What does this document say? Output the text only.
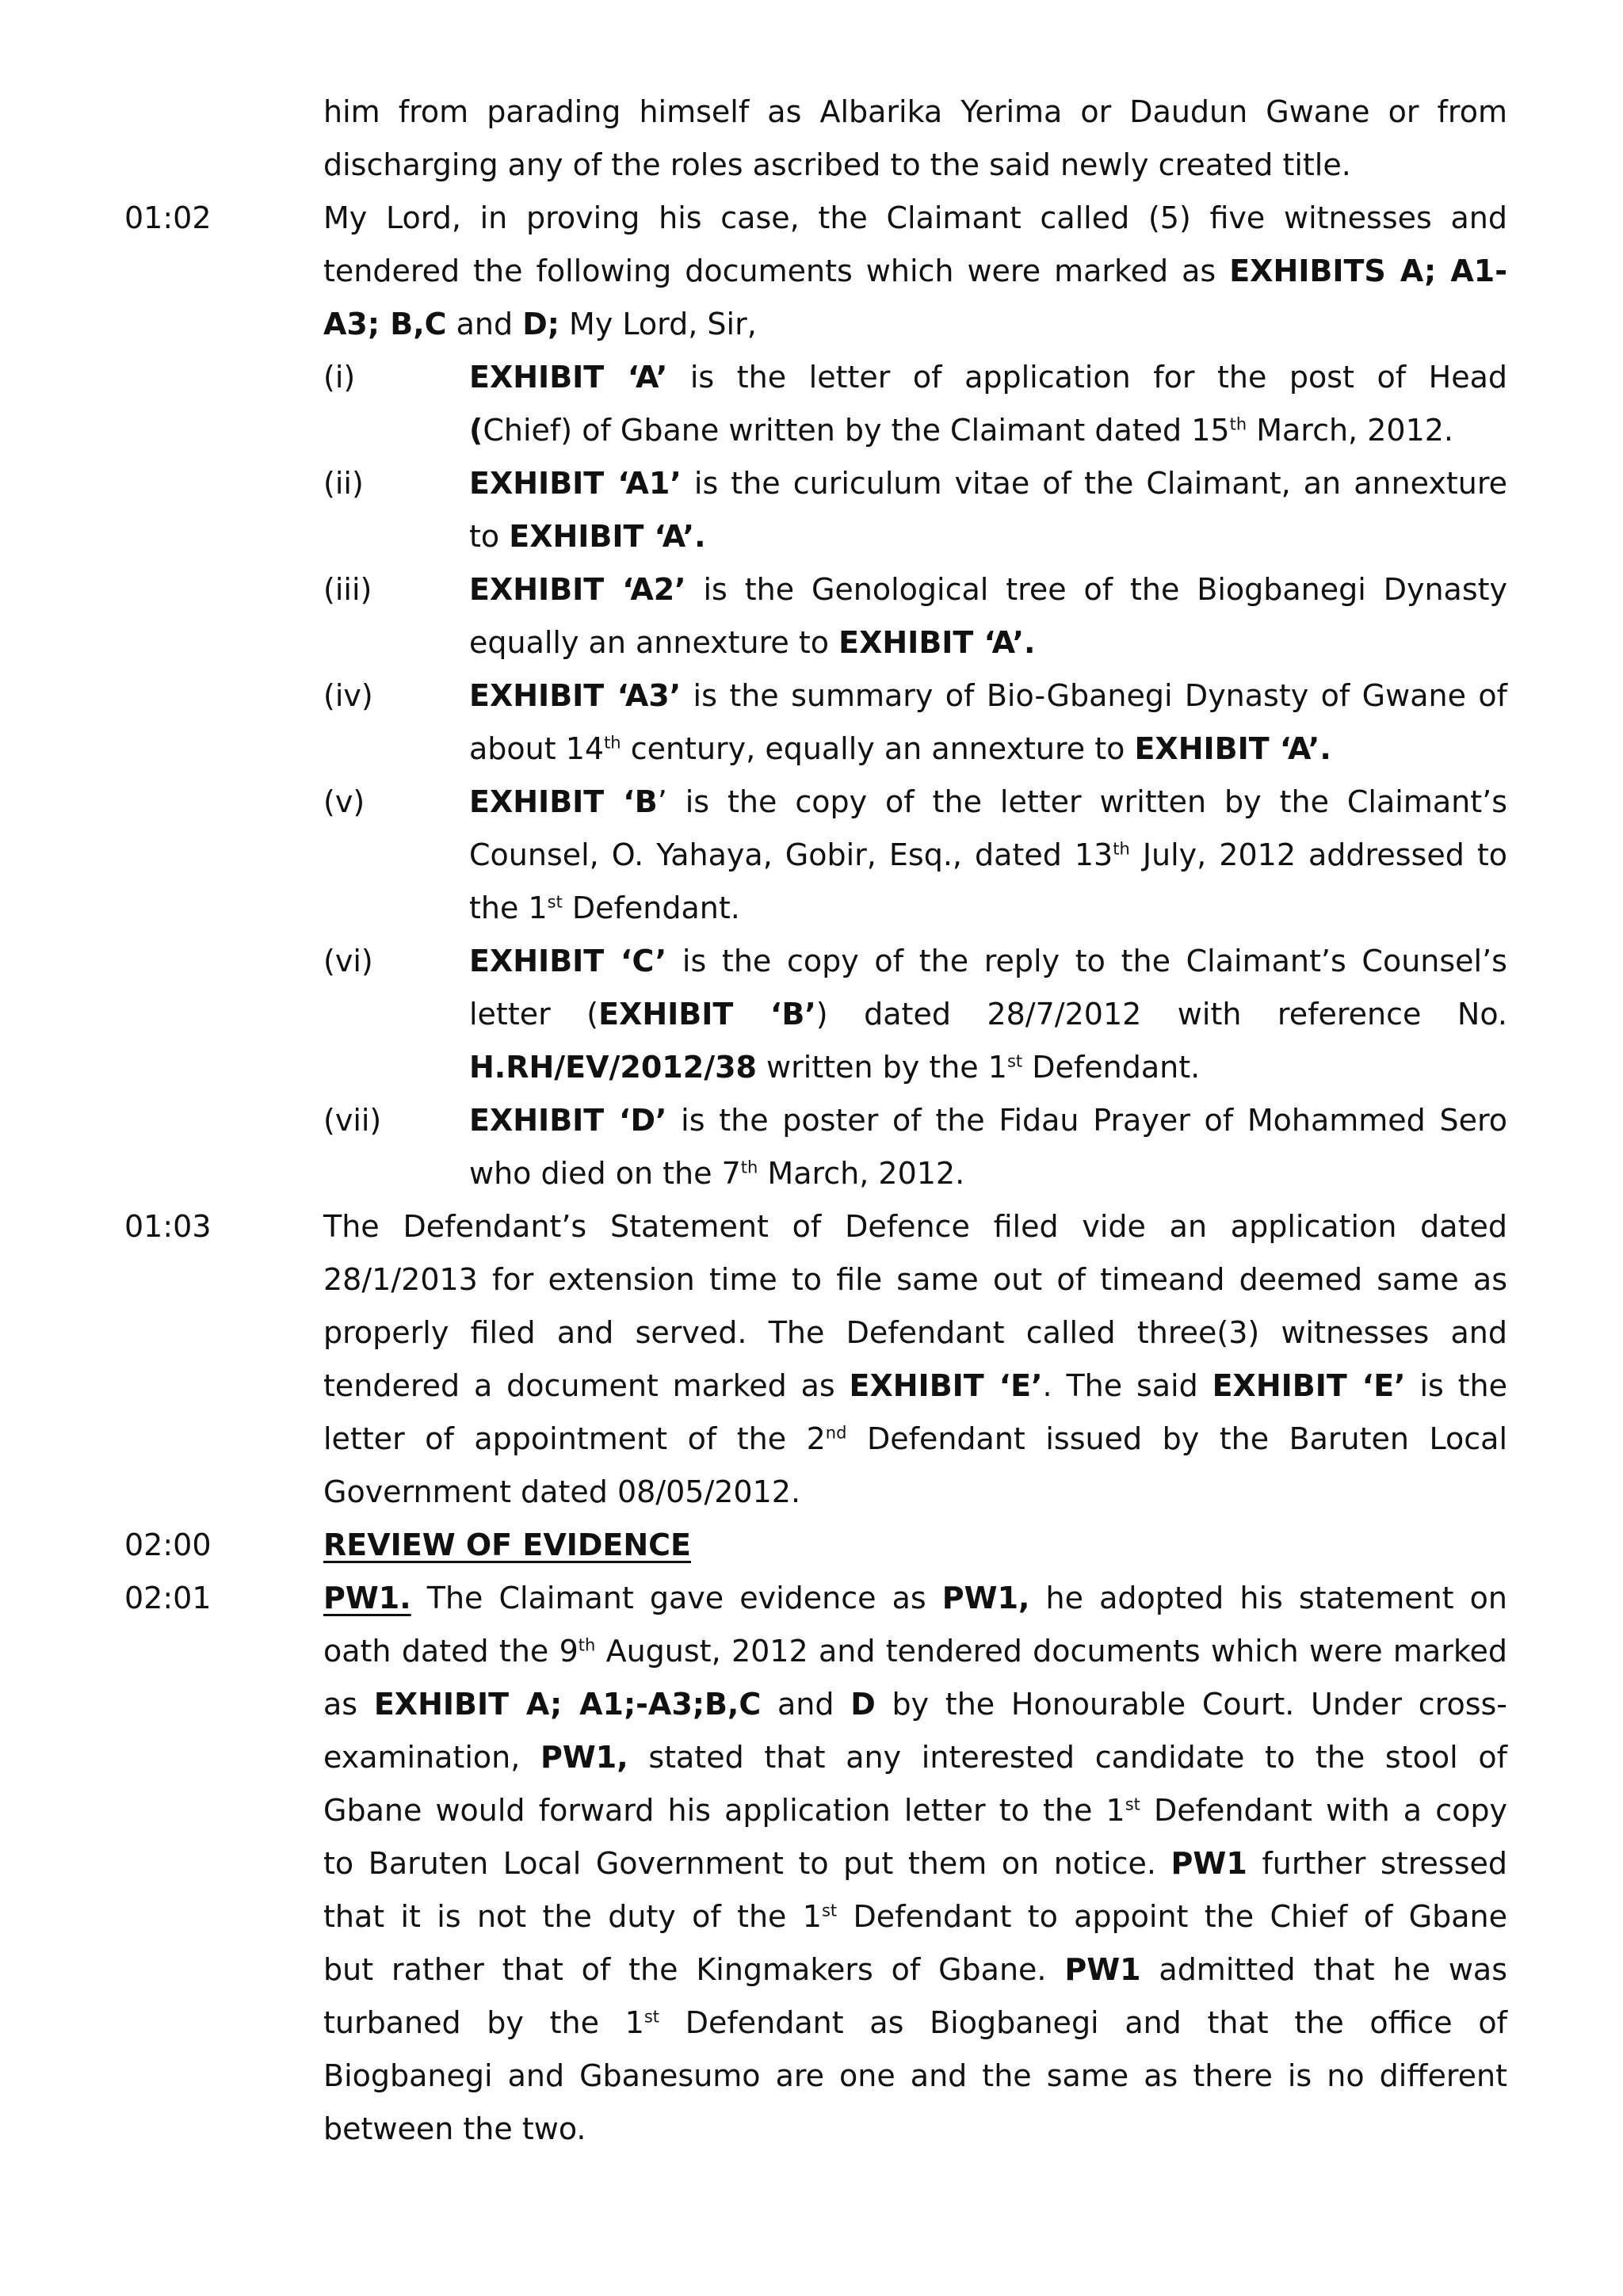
him from parading himself as Albarika Yerima or Daudun Gwane or from
discharging any of the roles ascribed to the said newly created title.
01:02	My Lord, in proving his case, the Claimant called (5) five witnesses and
tendered the following documents which were marked as EXHIBITS A; A1-
A3; B,C and D; My Lord, Sir,
(i)	EXHIBIT ‘A’ is the letter of application for the post of Head
(Chief) of Gbane written by the Claimant dated 15th March, 2012.
(ii)	EXHIBIT ‘A1’ is the curiculum vitae of the Claimant, an annexture
to EXHIBIT ‘A’.
(iii)	EXHIBIT ‘A2’ is the Genological tree of the Biogbanegi Dynasty
equally an annexture to EXHIBIT ‘A’.
(iv)	EXHIBIT ‘A3’ is the summary of Bio-Gbanegi Dynasty of Gwane of
about 14th century, equally an annexture to EXHIBIT ‘A’.
(v)	EXHIBIT ‘B’ is the copy of the letter written by the Claimant’s
Counsel, O. Yahaya, Gobir, Esq., dated 13th July, 2012 addressed to
the 1st Defendant.
(vi)	EXHIBIT ‘C’ is the copy of the reply to the Claimant’s Counsel’s
letter (EXHIBIT ‘B’) dated 28/7/2012 with reference No.
H.RH/EV/2012/38 written by the 1st Defendant.
(vii)	EXHIBIT ‘D’ is the poster of the Fidau Prayer of Mohammed Sero
who died on the 7th March, 2012.
01:03	The Defendant’s Statement of Defence filed vide an application dated
28/1/2013 for extension time to file same out of timeand deemed same as
properly filed and served. The Defendant called three(3) witnesses and
tendered a document marked as EXHIBIT ‘E’. The said EXHIBIT ‘E’ is the
letter of appointment of the 2nd Defendant issued by the Baruten Local
Government dated 08/05/2012.
02:00	REVIEW OF EVIDENCE
02:01	PW1. The Claimant gave evidence as PW1, he adopted his statement on
oath dated the 9th August, 2012 and tendered documents which were marked
as EXHIBIT A; A1;-A3;B,C and D by the Honourable Court. Under cross-
examination, PW1, stated that any interested candidate to the stool of
Gbane would forward his application letter to the 1st Defendant with a copy
to Baruten Local Government to put them on notice. PW1 further stressed
that it is not the duty of the 1st Defendant to appoint the Chief of Gbane
but rather that of the Kingmakers of Gbane. PW1 admitted that he was
turbaned by the 1st Defendant as Biogbanegi and that the office of
Biogbanegi and Gbanesumo are one and the same as there is no different
between the two.
